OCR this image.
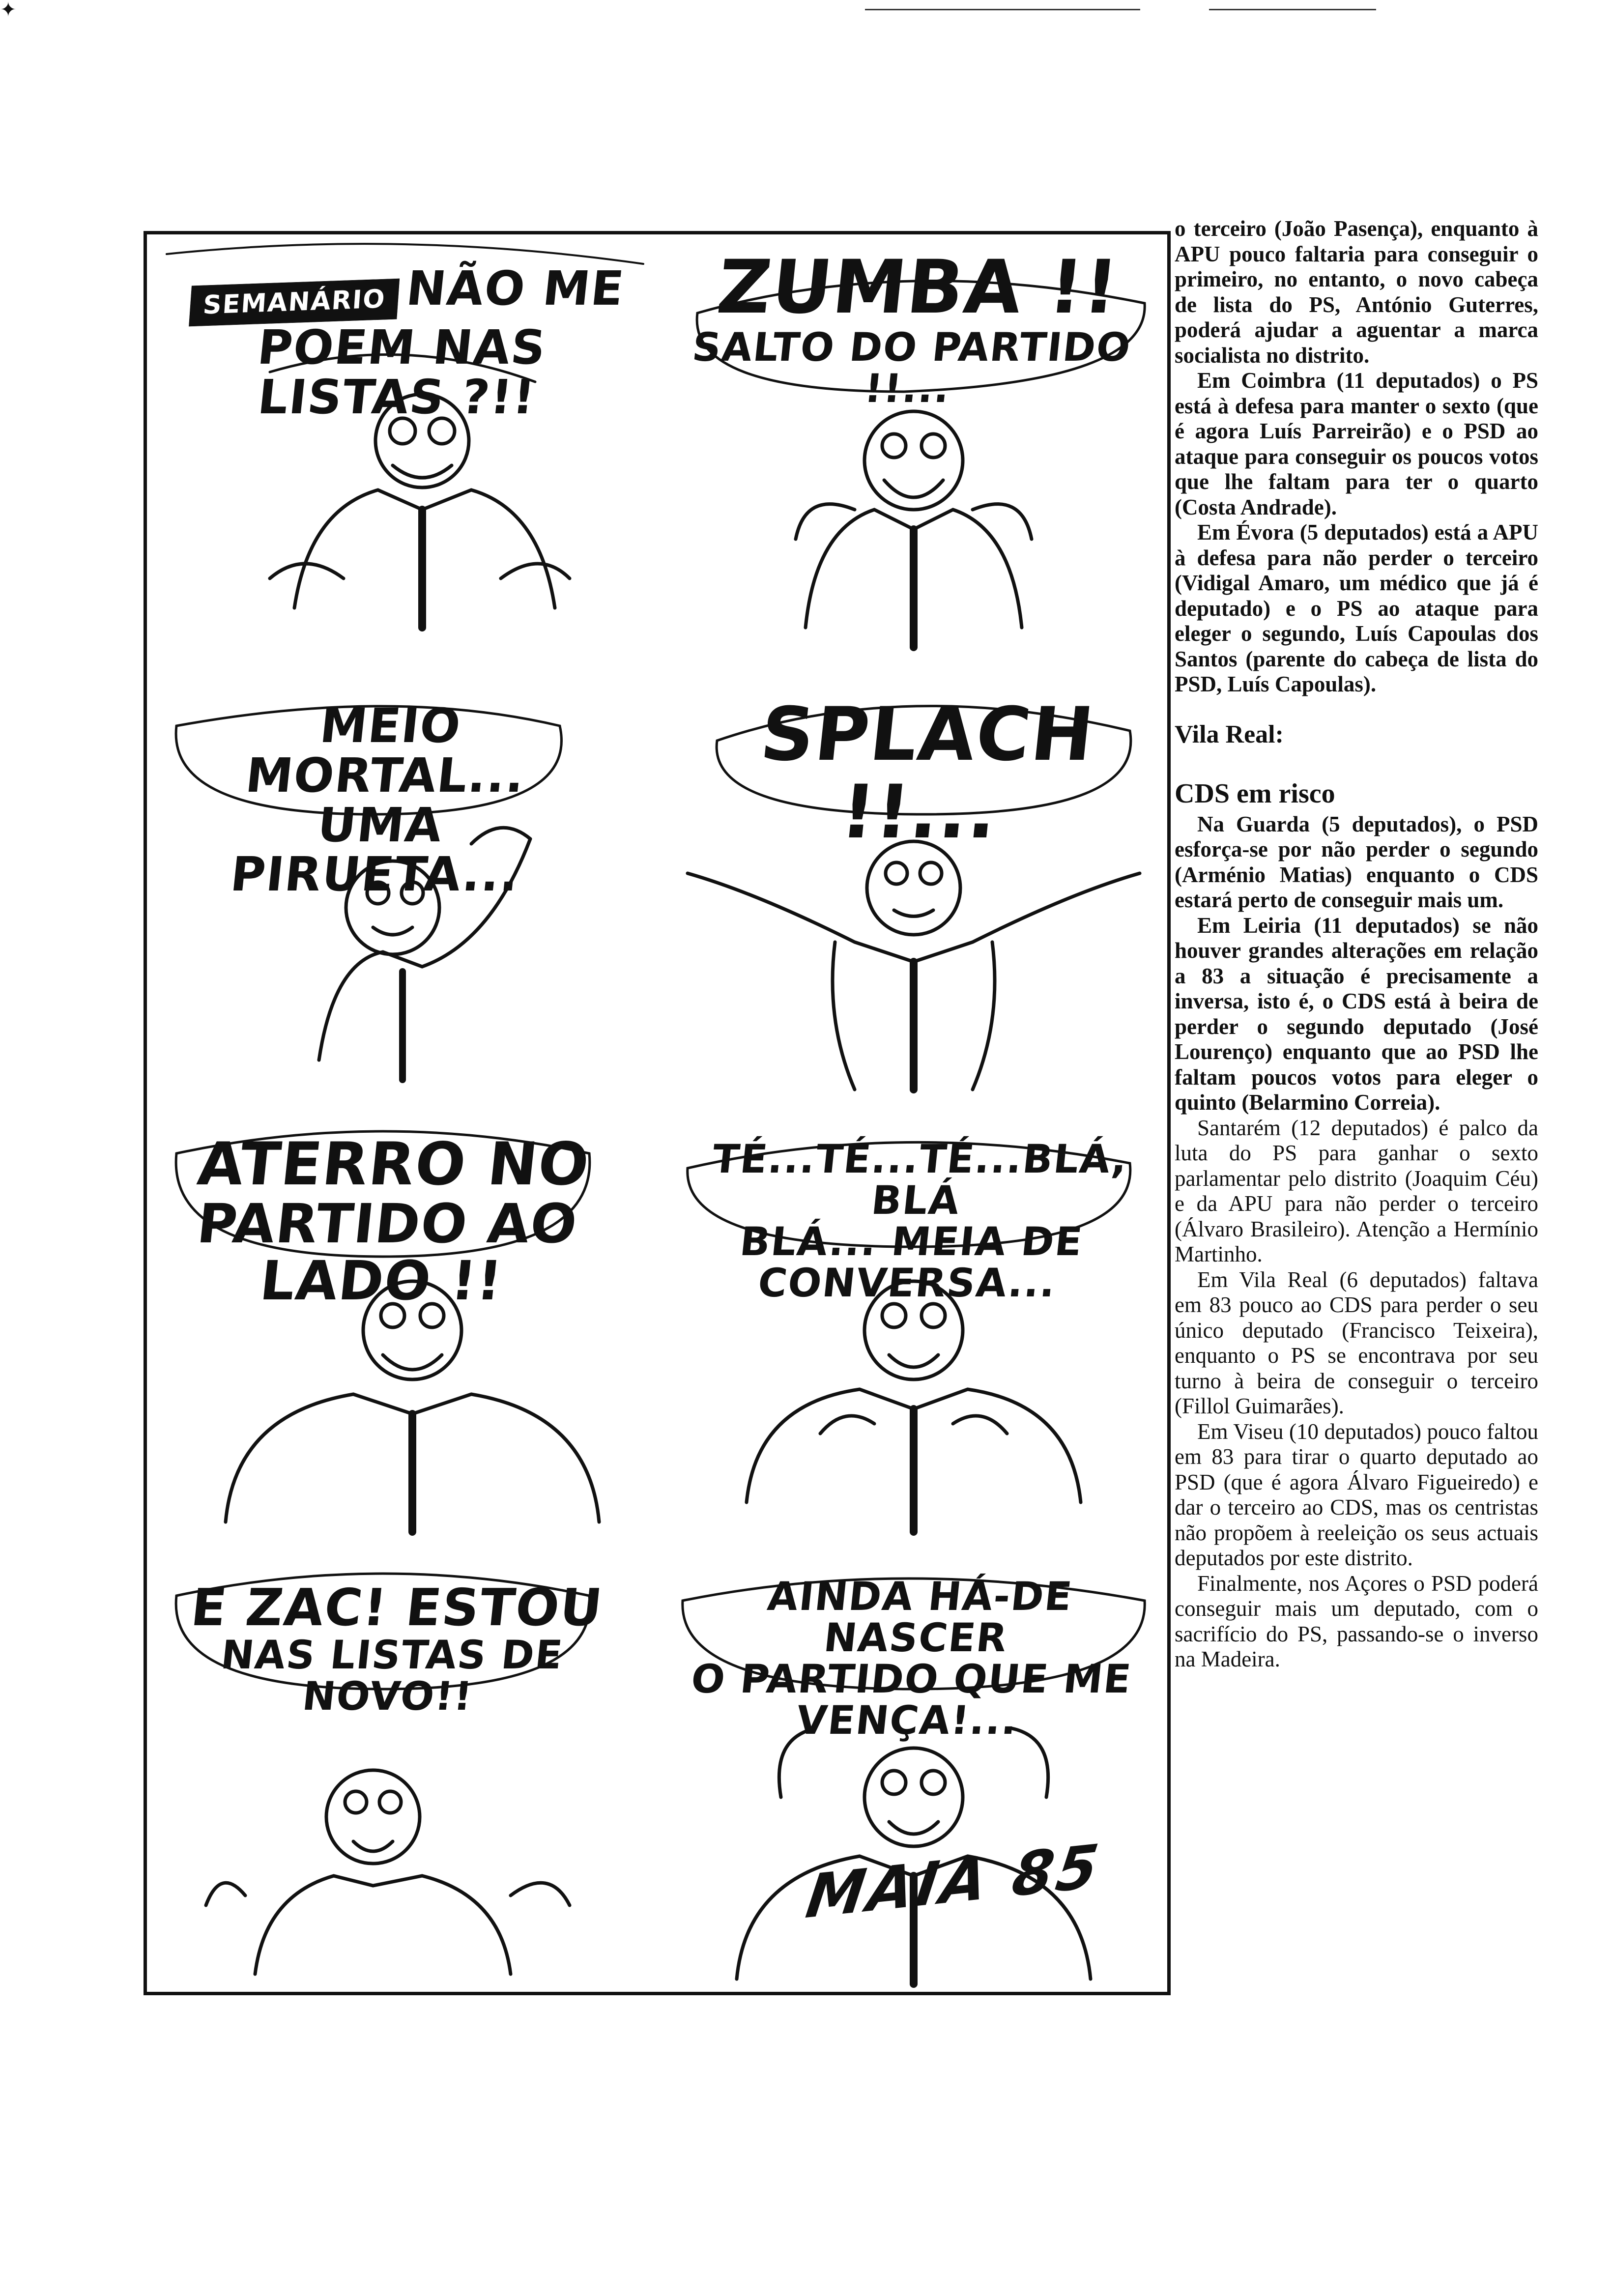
✦
SEMANÁRIO NÃO ME
POEM NAS LISTAS ?!!
ZUMBA !!
SALTO DO PARTIDO !!...
MEIO MORTAL...
UMA PIRUETA...
SPLACH !!...
ATERRO NO
PARTIDO AO LADO !!
TÉ...TÉ...TÉ...BLÁ, BLÁ
BLÁ... MEIA DE CONVERSA...
E ZAC! ESTOU
NAS LISTAS DE NOVO!!
AINDA HÁ-DE NASCER
O PARTIDO QUE ME VENÇA!...
MAIA 85

o terceiro (João Pasença), enquanto à APU pouco faltaria para conseguir o primeiro, no entanto, o novo cabeça de lista do PS, António Guterres, poderá ajudar a aguentar a marca socialista no distrito.

Em Coimbra (11 deputados) o PS está à defesa para manter o sexto (que é agora Luís Parreirão) e o PSD ao ataque para conseguir os poucos votos que lhe faltam para ter o quarto (Costa Andrade).

Em Évora (5 deputados) está a APU à defesa para não perder o terceiro (Vidigal Amaro, um médico que já é deputado) e o PS ao ataque para eleger o segundo, Luís Capoulas dos Santos (parente do cabeça de lista do PSD, Luís Capoulas).

Vila Real:

CDS em risco

Na Guarda (5 deputados), o PSD esforça-se por não perder o segundo (Arménio Matias) enquanto o CDS estará perto de conseguir mais um.

Em Leiria (11 deputados) se não houver grandes alterações em relação a 83 a situação é precisamente a inversa, isto é, o CDS está à beira de perder o segundo deputado (José Lourenço) enquanto que ao PSD lhe faltam poucos votos para eleger o quinto (Belarmino Correia).

Santarém (12 deputados) é palco da luta do PS para ganhar o sexto parlamentar pelo distrito (Joaquim Céu) e da APU para não perder o terceiro (Álvaro Brasileiro). Atenção a Hermínio Martinho.

Em Vila Real (6 deputados) faltava em 83 pouco ao CDS para perder o seu único deputado (Francisco Teixeira), enquanto o PS se encontrava por seu turno à beira de conseguir o terceiro (Fillol Guimarães).

Em Viseu (10 deputados) pouco faltou em 83 para tirar o quarto deputado ao PSD (que é agora Álvaro Figueiredo) e dar o terceiro ao CDS, mas os centristas não propõem à reeleição os seus actuais deputados por este distrito.

Finalmente, nos Açores o PSD poderá conseguir mais um deputado, com o sacrifício do PS, passando-se o inverso na Madeira.
